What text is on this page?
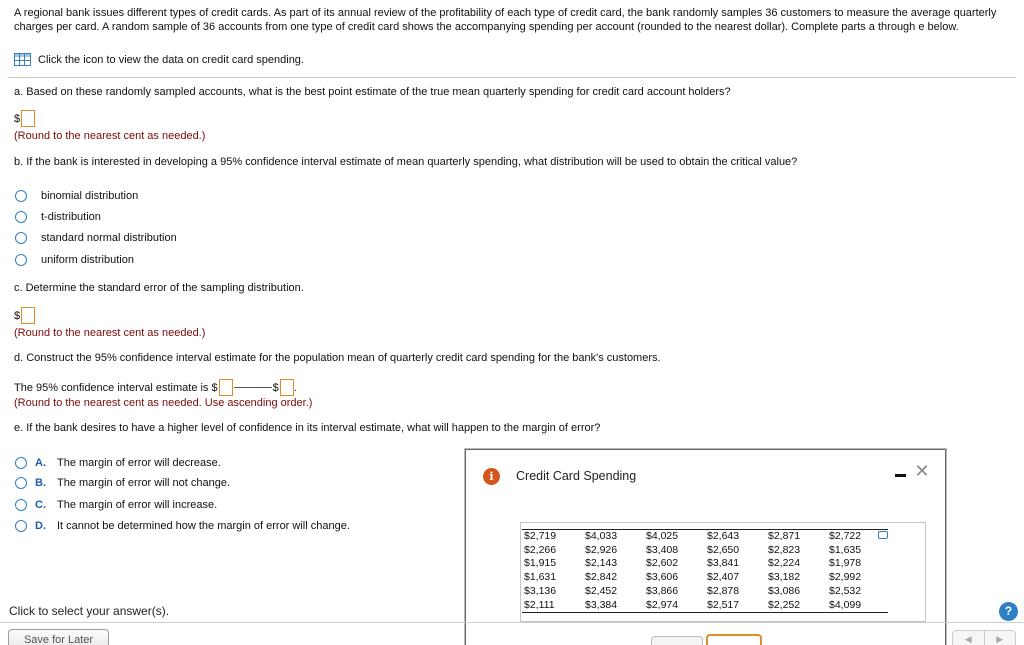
A regional bank issues different types of credit cards. As part of its annual review of the profitability of each type of credit card, the bank randomly samples 36 customers to measure the average quarterly charges per card. A random sample of 36 accounts from one type of credit card shows the accompanying spending per account (rounded to the nearest dollar). Complete parts a through e below.
Click the icon to view the data on credit card spending.
a. Based on these randomly sampled accounts, what is the best point estimate of the true mean quarterly spending for credit card account holders?
$
(Round to the nearest cent as needed.)
b. If the bank is interested in developing a 95% confidence interval estimate of mean quarterly spending, what distribution will be used to obtain the critical value?
binomial distribution
t-distribution
standard normal distribution
uniform distribution
c. Determine the standard error of the sampling distribution.
$
(Round to the nearest cent as needed.)
d. Construct the 95% confidence interval estimate for the population mean of quarterly credit card spending for the bank's customers.
The 95% confidence interval estimate is $	$ .
(Round to the nearest cent as needed. Use ascending order.)
e. If the bank desires to have a higher level of confidence in its interval estimate, what will happen to the margin of error?
A.	The margin of error will decrease.
B.	The margin of error will not change.
C.	The margin of error will increase.
D.	It cannot be determined how the margin of error will change.
i	Credit Card Spending	✕
$2,719	$4,033	$4,025	$2,643	$2,871	$2,722
$2,266	$2,926	$3,408	$2,650	$2,823	$1,635
$1,915	$2,143	$2,602	$3,841	$2,224	$1,978
$1,631	$2,842	$3,606	$2,407	$3,182	$2,992
$3,136	$2,452	$3,866	$2,878	$3,086	$2,532
$2,111	$3,384	$2,974	$2,517	$2,252	$4,099
Click to select your answer(s).	?
Save for Later	◀	▶
